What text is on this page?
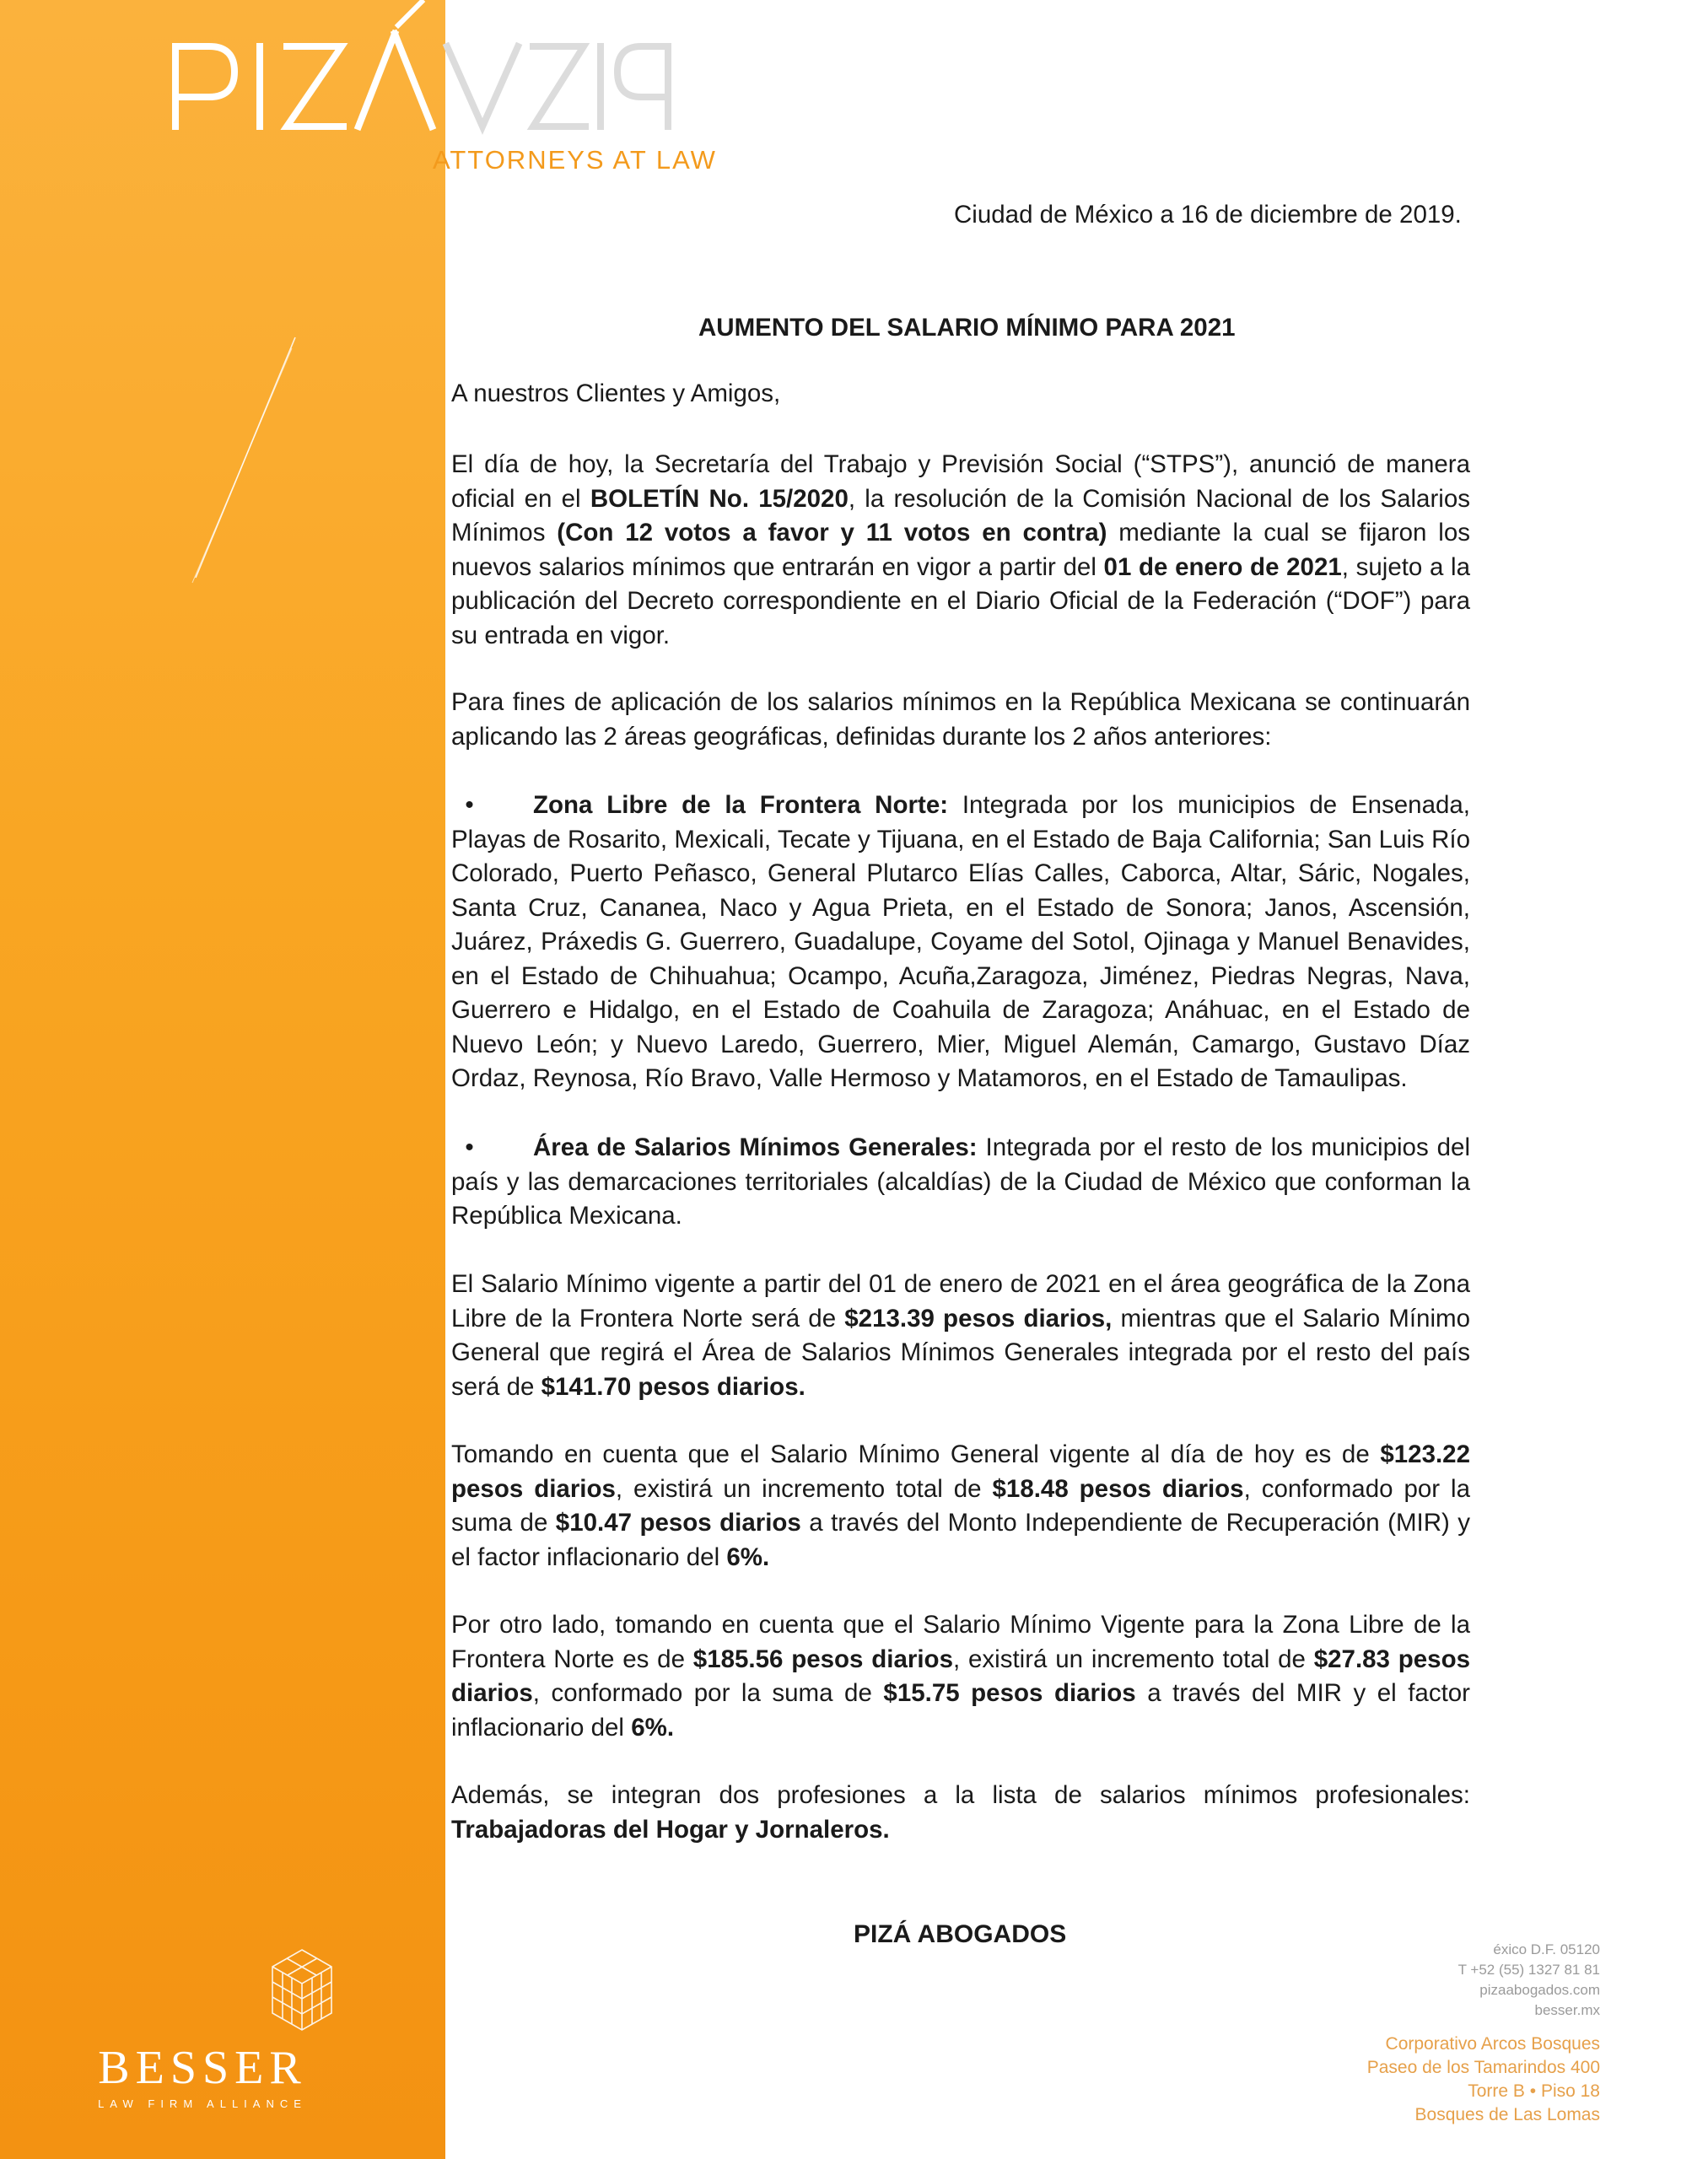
ATTORNEYS AT LAW
BESSER
LAW FIRM ALLIANCE
Ciudad de México a 16 de diciembre de 2019.
AUMENTO DEL SALARIO MÍNIMO PARA 2021
A nuestros Clientes y Amigos,
El día de hoy, la Secretaría del Trabajo y Previsión Social (“STPS”), anunció de manera oficial en el BOLETÍN No. 15/2020, la resolución de la Comisión Nacional de los Salarios Mínimos (Con 12 votos a favor y 11 votos en contra) mediante la cual se fijaron los nuevos salarios mínimos que entrarán en vigor a partir del 01 de enero de 2021, sujeto a la publicación del Decreto correspondiente en el Diario Oficial de la Federación (“DOF”) para su entrada en vigor.
Para fines de aplicación de los salarios mínimos en la República Mexicana se continuarán aplicando las 2 áreas geográficas, definidas durante los 2 años anteriores:
• Zona Libre de la Frontera Norte: Integrada por los municipios de Ensenada, Playas de Rosarito, Mexicali, Tecate y Tijuana, en el Estado de Baja California; San Luis Río Colorado, Puerto Peñasco, General Plutarco Elías Calles, Caborca, Altar, Sáric, Nogales, Santa Cruz, Cananea, Naco y Agua Prieta, en el Estado de Sonora; Janos, Ascensión, Juárez, Práxedis G. Guerrero, Guadalupe, Coyame del Sotol, Ojinaga y Manuel Benavides, en el Estado de Chihuahua; Ocampo, Acuña,Zaragoza, Jiménez, Piedras Negras, Nava, Guerrero e Hidalgo, en el Estado de Coahuila de Zaragoza; Anáhuac, en el Estado de Nuevo León; y Nuevo Laredo, Guerrero, Mier, Miguel Alemán, Camargo, Gustavo Díaz Ordaz, Reynosa, Río Bravo, Valle Hermoso y Matamoros, en el Estado de Tamaulipas.
• Área de Salarios Mínimos Generales: Integrada por el resto de los municipios del país y las demarcaciones territoriales (alcaldías) de la Ciudad de México que conforman la República Mexicana.
El Salario Mínimo vigente a partir del 01 de enero de 2021 en el área geográfica de la Zona Libre de la Frontera Norte será de $213.39 pesos diarios, mientras que el Salario Mínimo General que regirá el Área de Salarios Mínimos Generales integrada por el resto del país será de $141.70 pesos diarios.
Tomando en cuenta que el Salario Mínimo General vigente al día de hoy es de $123.22 pesos diarios, existirá un incremento total de $18.48 pesos diarios, conformado por la suma de $10.47 pesos diarios a través del Monto Independiente de Recuperación (MIR) y el factor inflacionario del 6%.
Por otro lado, tomando en cuenta que el Salario Mínimo Vigente para la Zona Libre de la Frontera Norte es de $185.56 pesos diarios, existirá un incremento total de $27.83 pesos diarios, conformado por la suma de $15.75 pesos diarios a través del MIR y el factor inflacionario del 6%.
Además, se integran dos profesiones a la lista de salarios mínimos profesionales: Trabajadoras del Hogar y Jornaleros.
PIZÁ ABOGADOS
éxico D.F. 05120
T +52 (55) 1327 81 81
pizaabogados.com
besser.mx
Corporativo Arcos Bosques
Paseo de los Tamarindos 400
Torre B • Piso 18
Bosques de Las Lomas
